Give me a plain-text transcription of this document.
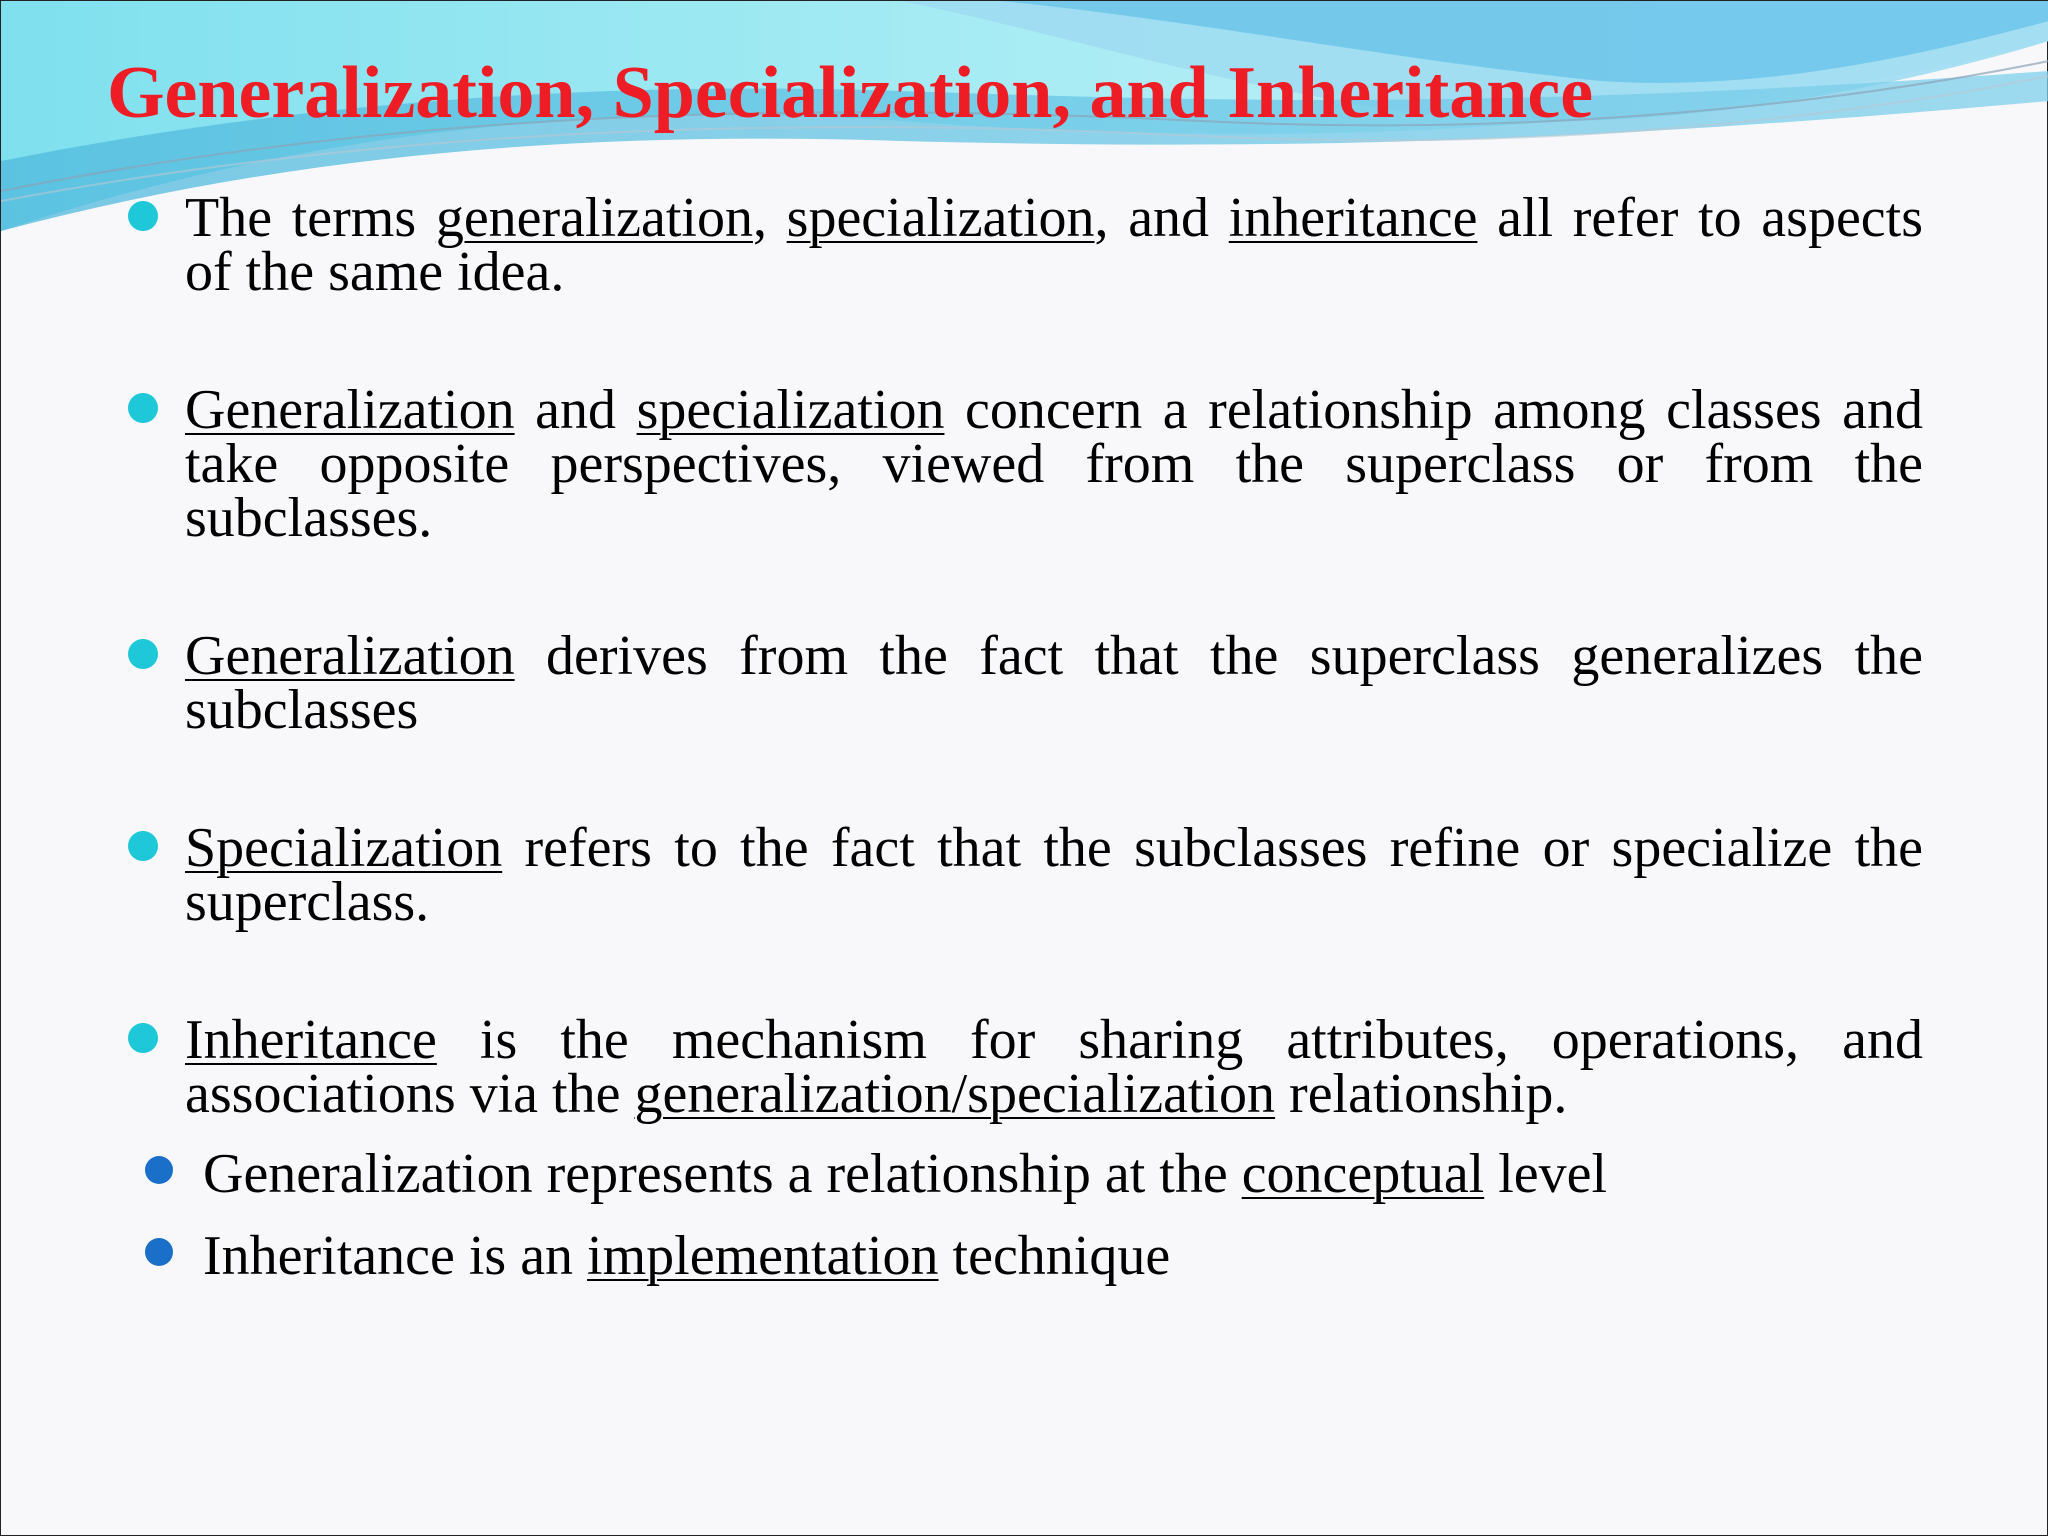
Generalization, Specialization, and Inheritance

The terms generalization, specialization, and inheritance all refer to aspects of the same idea.

Generalization and specialization concern a relationship among classes and take opposite perspectives, viewed from the superclass or from the subclasses.

Generalization derives from the fact that the superclass generalizes the subclasses

Specialization refers to the fact that the subclasses refine or specialize the superclass.

Inheritance is the mechanism for sharing attributes, operations, and associations via the generalization/specialization relationship.

Generalization represents a relationship at the conceptual level
Inheritance is an implementation technique
